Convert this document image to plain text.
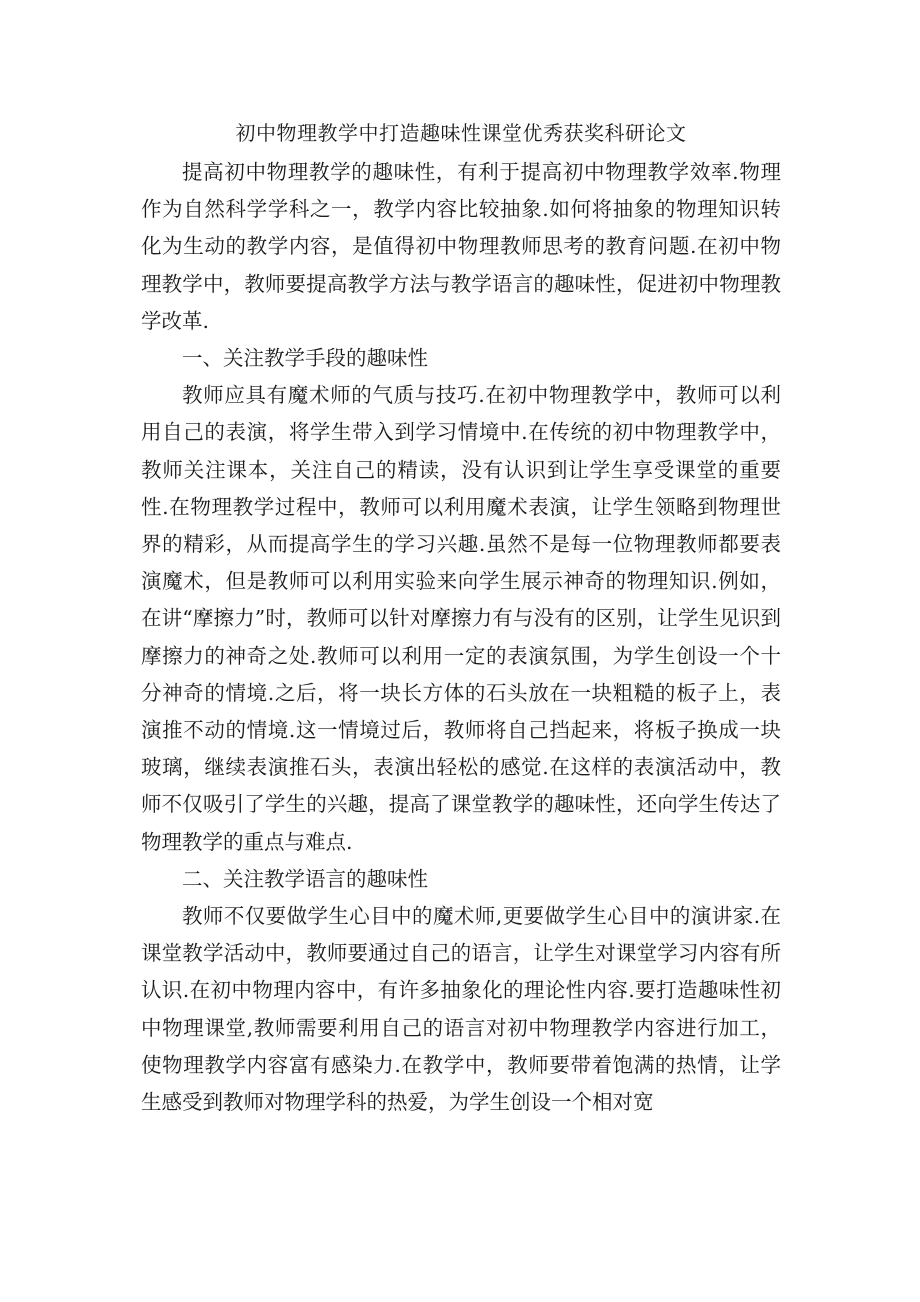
初中物理教学中打造趣味性课堂优秀获奖科研论文

提高初中物理教学的趣味性，有利于提高初中物理教学效率.物理作为自然科学学科之一，教学内容比较抽象.如何将抽象的物理知识转化为生动的教学内容，是值得初中物理教师思考的教育问题.在初中物理教学中，教师要提高教学方法与教学语言的趣味性，促进初中物理教学改革.

一、关注教学手段的趣味性

教师应具有魔术师的气质与技巧.在初中物理教学中，教师可以利用自己的表演，将学生带入到学习情境中.在传统的初中物理教学中，教师关注课本，关注自己的精读，没有认识到让学生享受课堂的重要性.在物理教学过程中，教师可以利用魔术表演，让学生领略到物理世界的精彩，从而提高学生的学习兴趣.虽然不是每一位物理教师都要表演魔术，但是教师可以利用实验来向学生展示神奇的物理知识.例如，在讲“摩擦力”时，教师可以针对摩擦力有与没有的区别，让学生见识到摩擦力的神奇之处.教师可以利用一定的表演氛围，为学生创设一个十分神奇的情境.之后，将一块长方体的石头放在一块粗糙的板子上，表演推不动的情境.这一情境过后，教师将自己挡起来，将板子换成一块玻璃，继续表演推石头，表演出轻松的感觉.在这样的表演活动中，教师不仅吸引了学生的兴趣，提高了课堂教学的趣味性，还向学生传达了物理教学的重点与难点.

二、关注教学语言的趣味性

教师不仅要做学生心目中的魔术师,更要做学生心目中的演讲家.在课堂教学活动中，教师要通过自己的语言，让学生对课堂学习内容有所认识.在初中物理内容中，有许多抽象化的理论性内容.要打造趣味性初中物理课堂,教师需要利用自己的语言对初中物理教学内容进行加工，使物理教学内容富有感染力.在教学中，教师要带着饱满的热情，让学生感受到教师对物理学科的热爱，为学生创设一个相对宽
